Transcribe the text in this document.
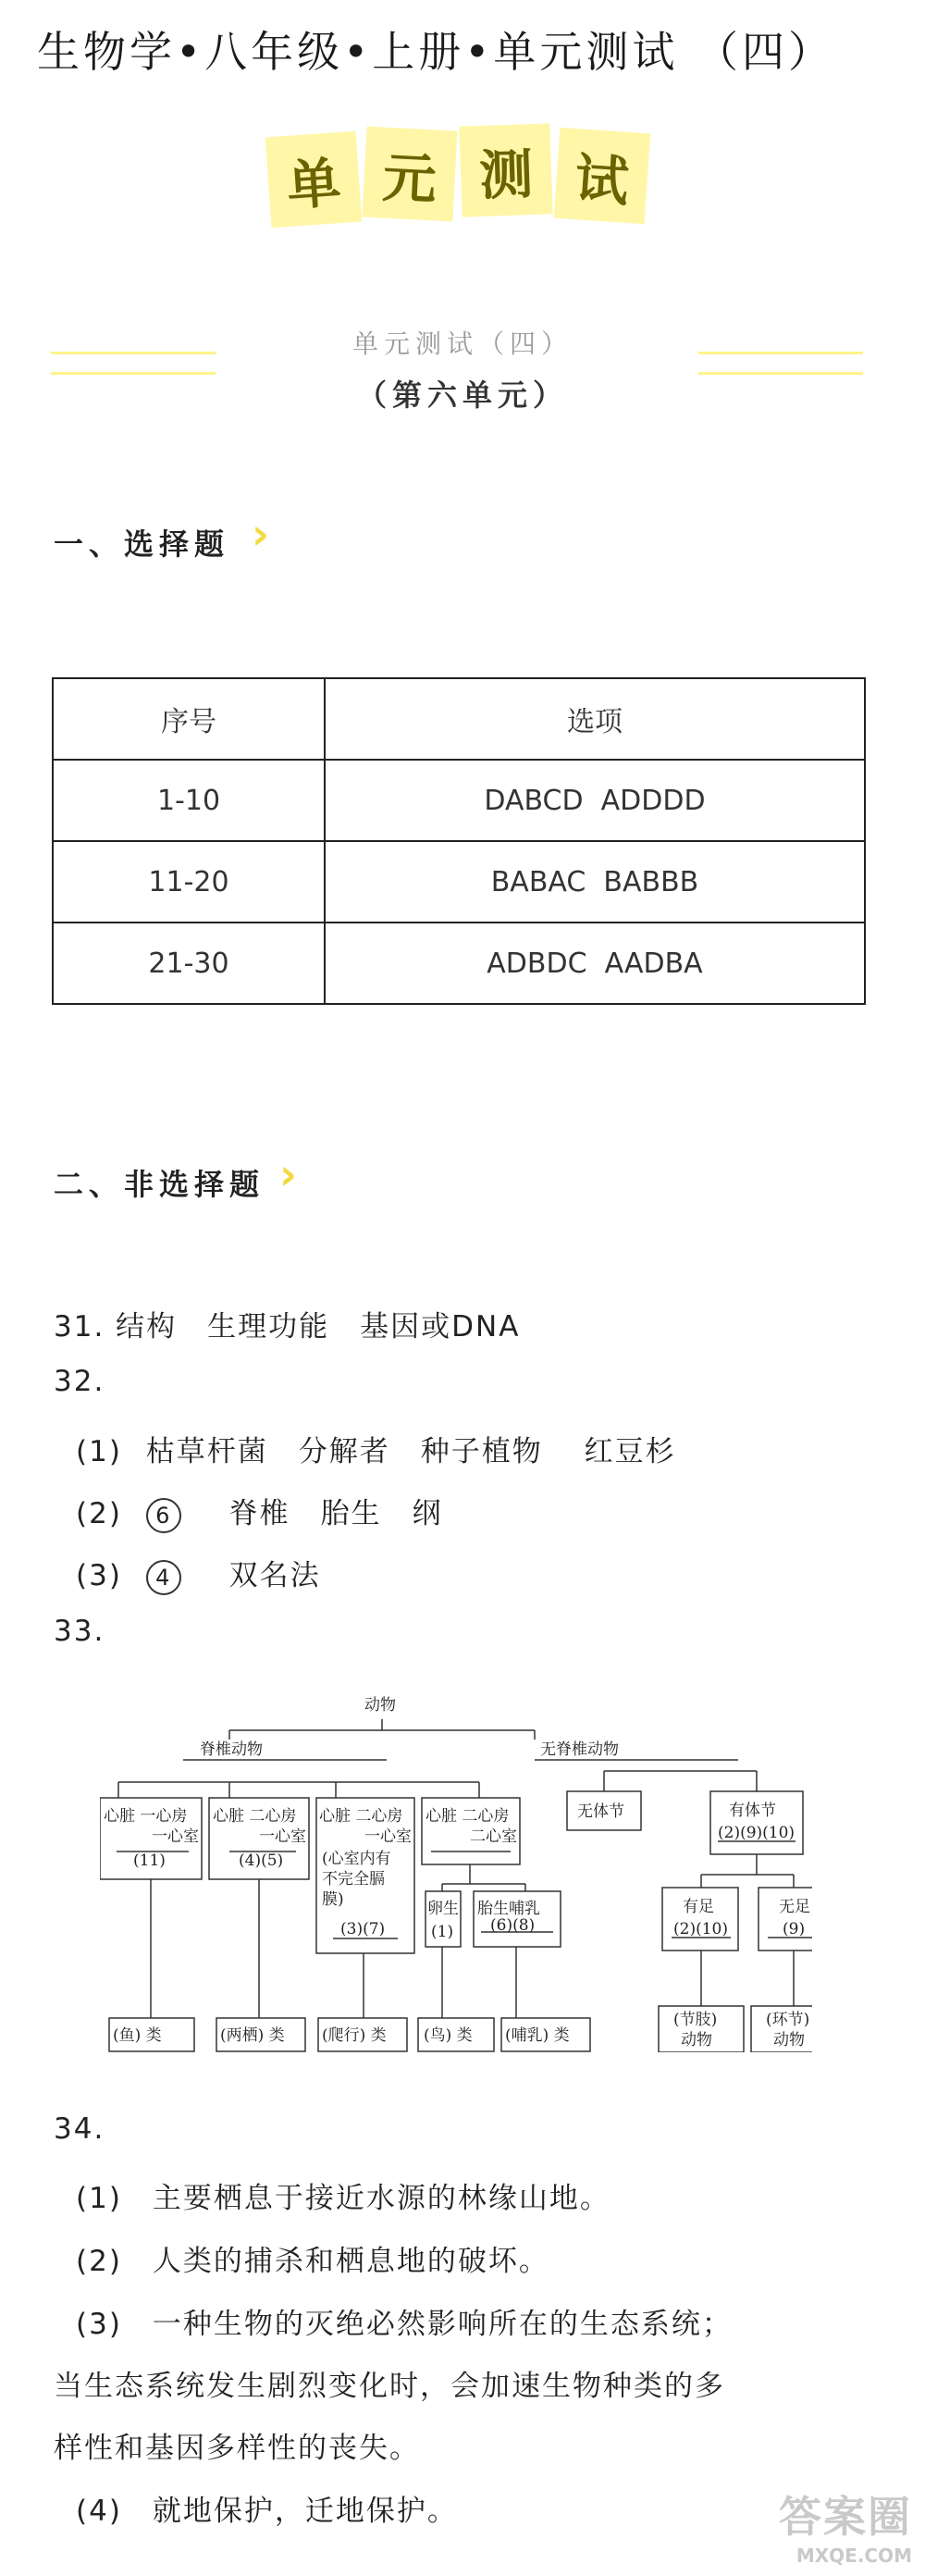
生物学•八年级•上册•单元测试 （四）
单 元 测 试
单元测试（四）
（第六单元）
一、选择题 ›
序号	选项
1-10	DABCD  ADDDD
11-20	BABAC  BABBB
21-30	ADBDC  AADBA
二、非选择题 ›
31. 结构　生理功能　基因或DNA
32.
(1) 枯草杆菌　分解者　种子植物　 红豆杉
(2) 6 脊椎　胎生　纲
(3) 4 双名法
33.
动物
脊椎动物	无脊椎动物
心脏 一心房
一心室
(11)
心脏 二心房
一心室
(4)(5)
心脏 二心房
一心室
(心室内有
不完全膈
膜)
(3)(7)
心脏 二心房
二心室
卵生
(1)
胎生哺乳
(6)(8)
(鱼) 类	(两栖) 类 (爬行) 类 (鸟) 类 (哺乳) 类
无体节	有体节
(2)(9)(10)
有足
(2)(10)
无足
(9)
(节肢)
动物
(环节)
动物
34.
(1)　主要栖息于接近水源的林缘山地。
(2)　人类的捕杀和栖息地的破坏。
(3)　一种生物的灭绝必然影响所在的生态系统；
当生态系统发生剧烈变化时，会加速生物种类的多
样性和基因多样性的丧失。
(4)　就地保护，迁地保护。	答案圈
MXQE.COM
